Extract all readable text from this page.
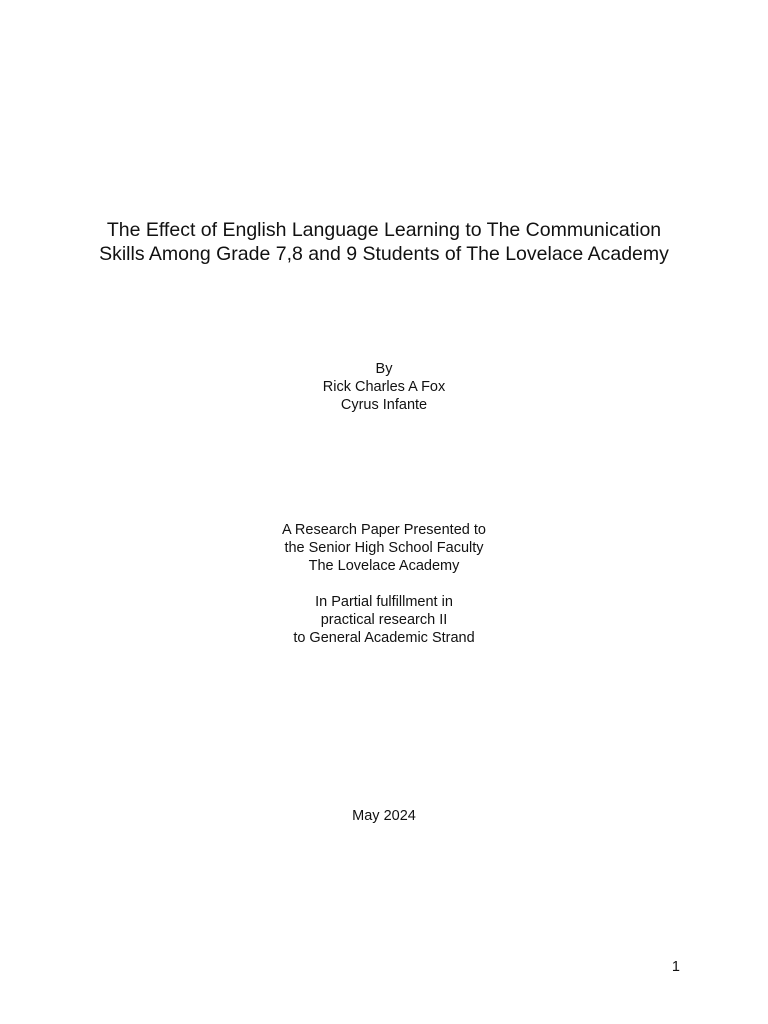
The Effect of English Language Learning to The Communication
Skills Among Grade 7,8 and 9 Students of The Lovelace Academy
By
Rick Charles A Fox
Cyrus Infante
A Research Paper Presented to
the Senior High School Faculty
The Lovelace Academy
In Partial fulfillment in
practical research II
to General Academic Strand
May 2024
1
